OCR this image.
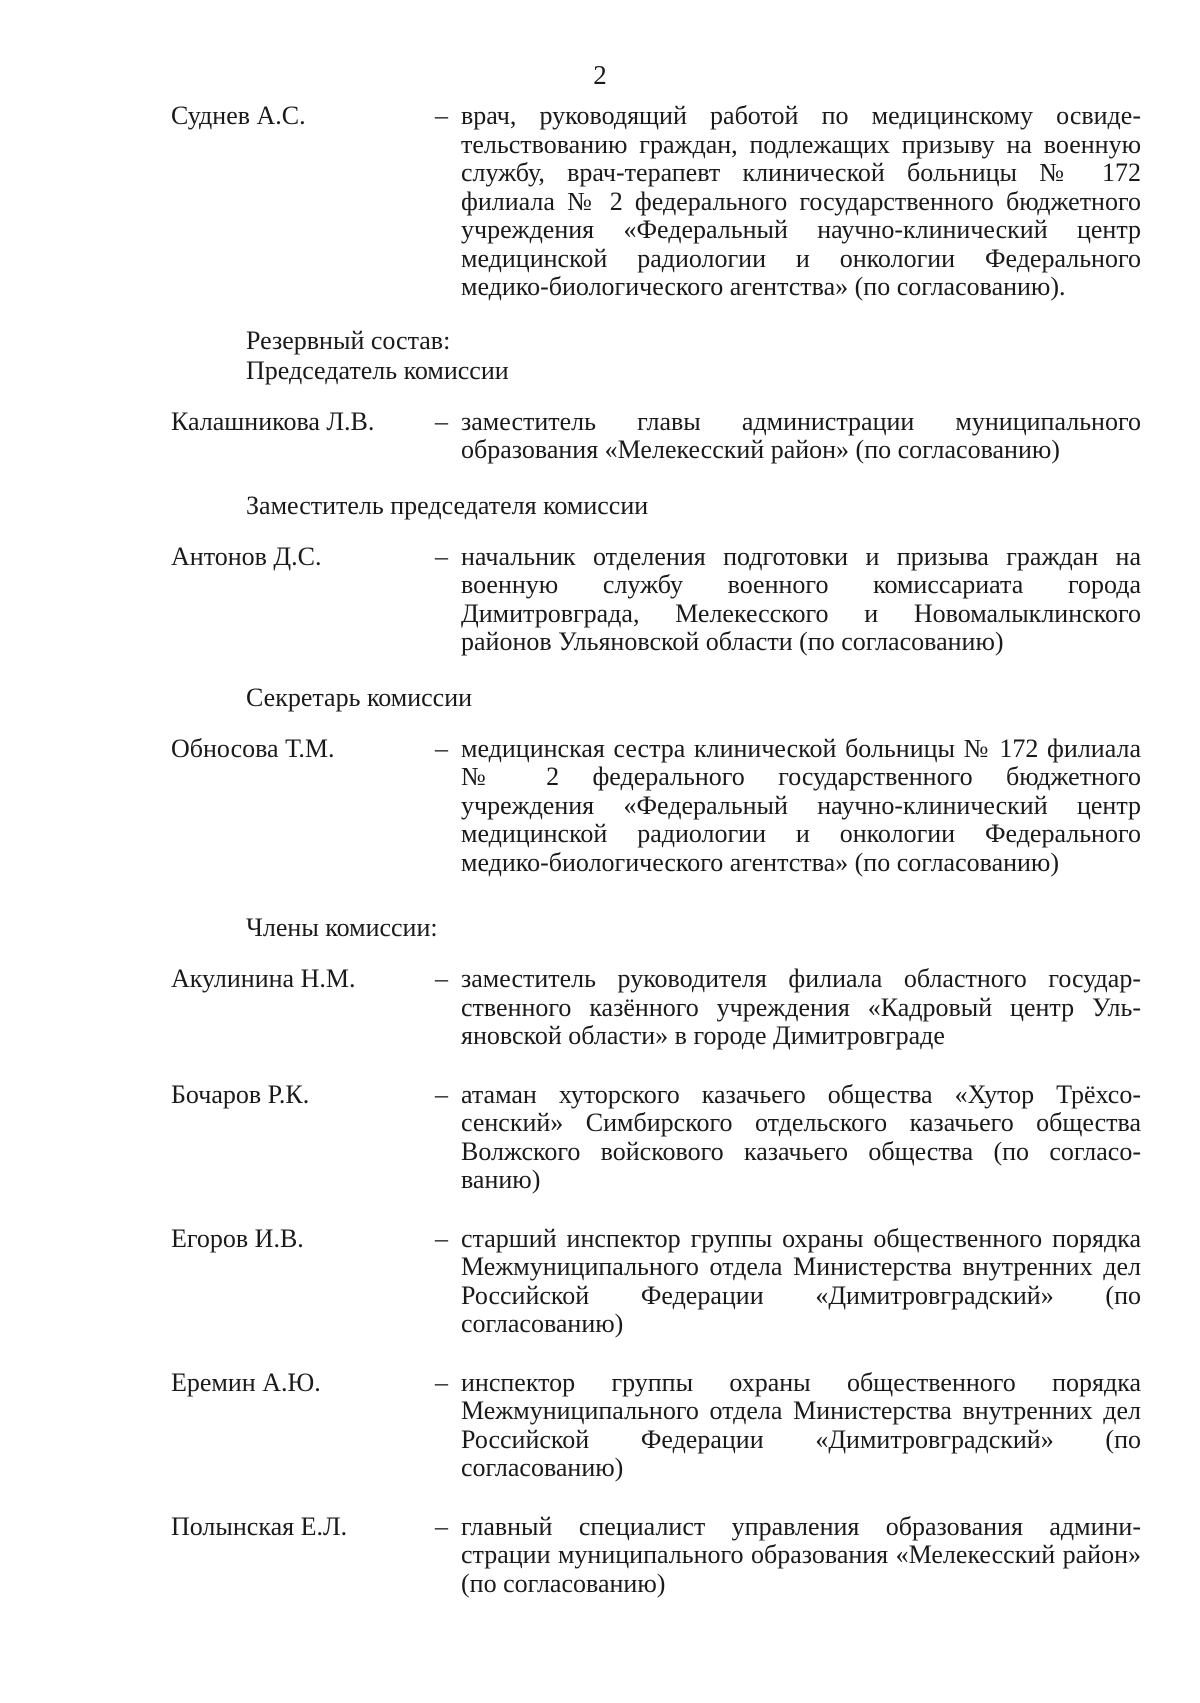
2
Суднев А.С.	– врач, руководящий работой по медицинскому освидетельствованию граждан, подлежащих призыву на военную службу, врач-терапевт клинической больницы № 172 филиала № 2 федерального государственного бюджетного учреждения «Федеральный научно-клинический центр медицинской радиологии и онкологии Федерального медико-биологического агентства» (по согласованию).
Резервный состав:
Председатель комиссии
Калашникова Л.В.	– заместитель главы администрации муниципального образования «Мелекесский район» (по согласованию)
Заместитель председателя комиссии
Антонов Д.С.	– начальник отделения подготовки и призыва граждан на военную службу военного комиссариата города Димитровграда, Мелекесского и Новомалыклинского районов Ульяновской области (по согласованию)
Секретарь комиссии
Обносова Т.М.	– медицинская сестра клинической больницы № 172 филиала № 2 федерального государственного бюджетного учреждения «Федеральный научно-клинический центр медицинской радиологии и онкологии Федерального медико-биологического агентства» (по согласованию)
Члены комиссии:
Акулинина Н.М.	– заместитель руководителя филиала областного государственного казённого учреждения «Кадровый центр Ульяновской области» в городе Димитровграде
Бочаров Р.К.	– атаман хуторского казачьего общества «Хутор Трёхсосенский» Симбирского отдельского казачьего общества Волжского войскового казачьего общества (по согласованию)
Егоров И.В.	– старший инспектор группы охраны общественного порядка Межмуниципального отдела Министерства внутренних дел Российской Федерации «Димитровградский» (по согласованию)
Еремин А.Ю.	– инспектор группы охраны общественного порядка Межмуниципального отдела Министерства внутренних дел Российской Федерации «Димитровградский» (по согласованию)
Полынская Е.Л.	– главный специалист управления образования администрации муниципального образования «Мелекесский район» (по согласованию)
